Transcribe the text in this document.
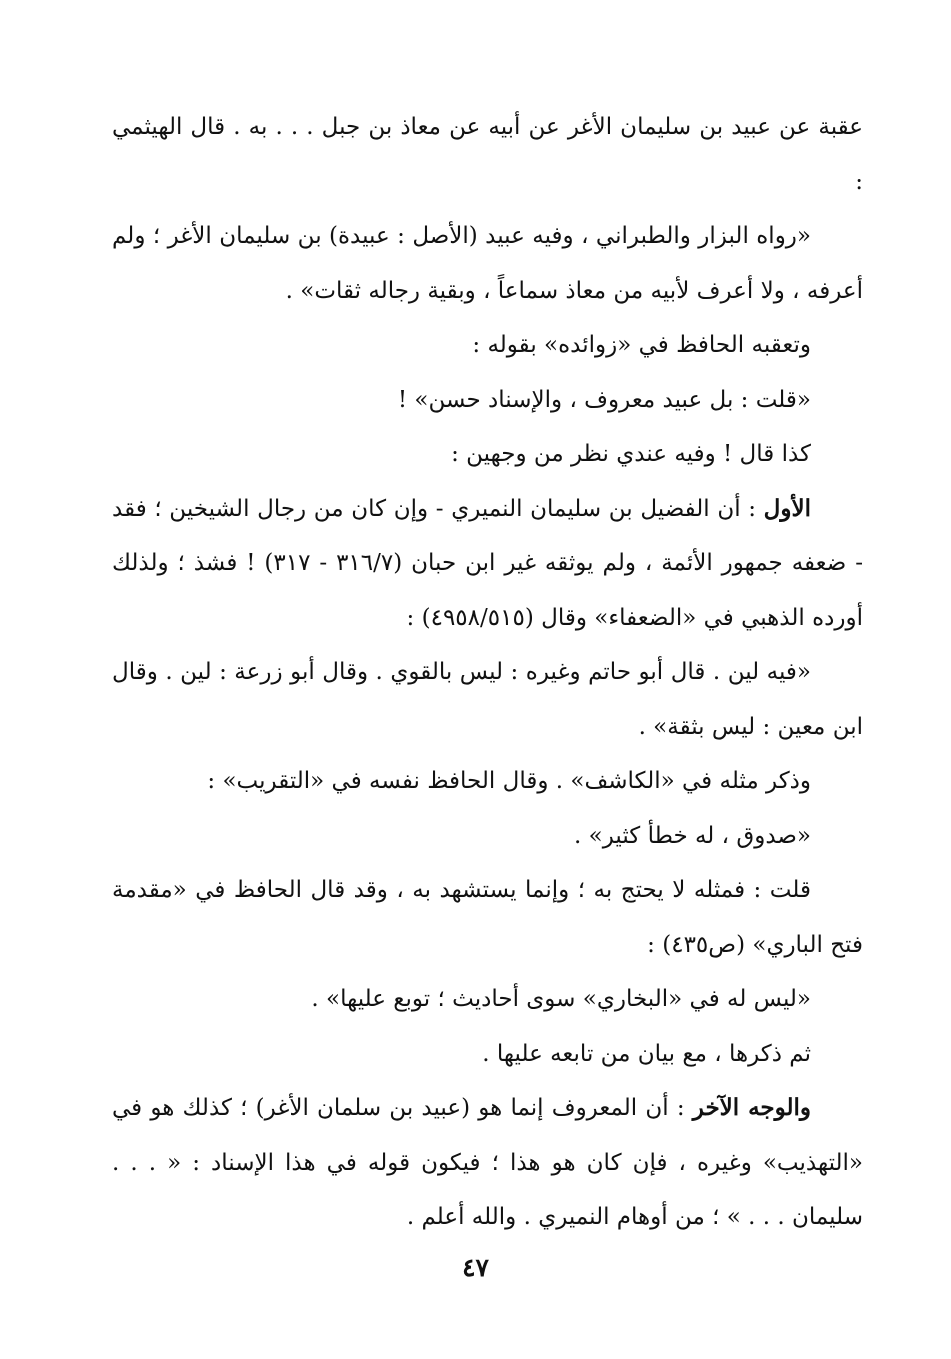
عقبة عن عبيد بن سليمان الأغر عن أبيه عن معاذ بن جبل . . . به . قال الهيثمي :

«رواه البزار والطبراني ، وفيه عبيد (الأصل : عبيدة) بن سليمان الأغر ؛ ولم أعرفه ، ولا أعرف لأبيه من معاذ سماعاً ، وبقية رجاله ثقات» .

وتعقبه الحافظ في «زوائده» بقوله :

«قلت : بل عبيد معروف ، والإسناد حسن» !

كذا قال ! وفيه عندي نظر من وجهين :

الأول : أن الفضيل بن سليمان النميري - وإن كان من رجال الشيخين ؛ فقد - ضعفه جمهور الأئمة ، ولم يوثقه غير ابن حبان (٣١٦/٧ - ٣١٧) ! فشذ ؛ ولذلك أورده الذهبي في «الضعفاء» وقال (٤٩٥٨/٥١٥) :

«فيه لين . قال أبو حاتم وغيره : ليس بالقوي . وقال أبو زرعة : لين . وقال ابن معين : ليس بثقة» .

وذكر مثله في «الكاشف» . وقال الحافظ نفسه في «التقريب» :

«صدوق ، له خطأ كثير» .

قلت : فمثله لا يحتج به ؛ وإنما يستشهد به ، وقد قال الحافظ في «مقدمة فتح الباري» (ص٤٣٥) :

«ليس له في «البخاري» سوى أحاديث ؛ توبع عليها» .

ثم ذكرها ، مع بيان من تابعه عليها .

والوجه الآخر : أن المعروف إنما هو (عبيد بن سلمان الأغر) ؛ كذلك هو في «التهذيب» وغيره ، فإن كان هو هذا ؛ فيكون قوله في هذا الإسناد : « . . . سليمان . . . » ؛ من أوهام النميري . والله أعلم .

٤٧
